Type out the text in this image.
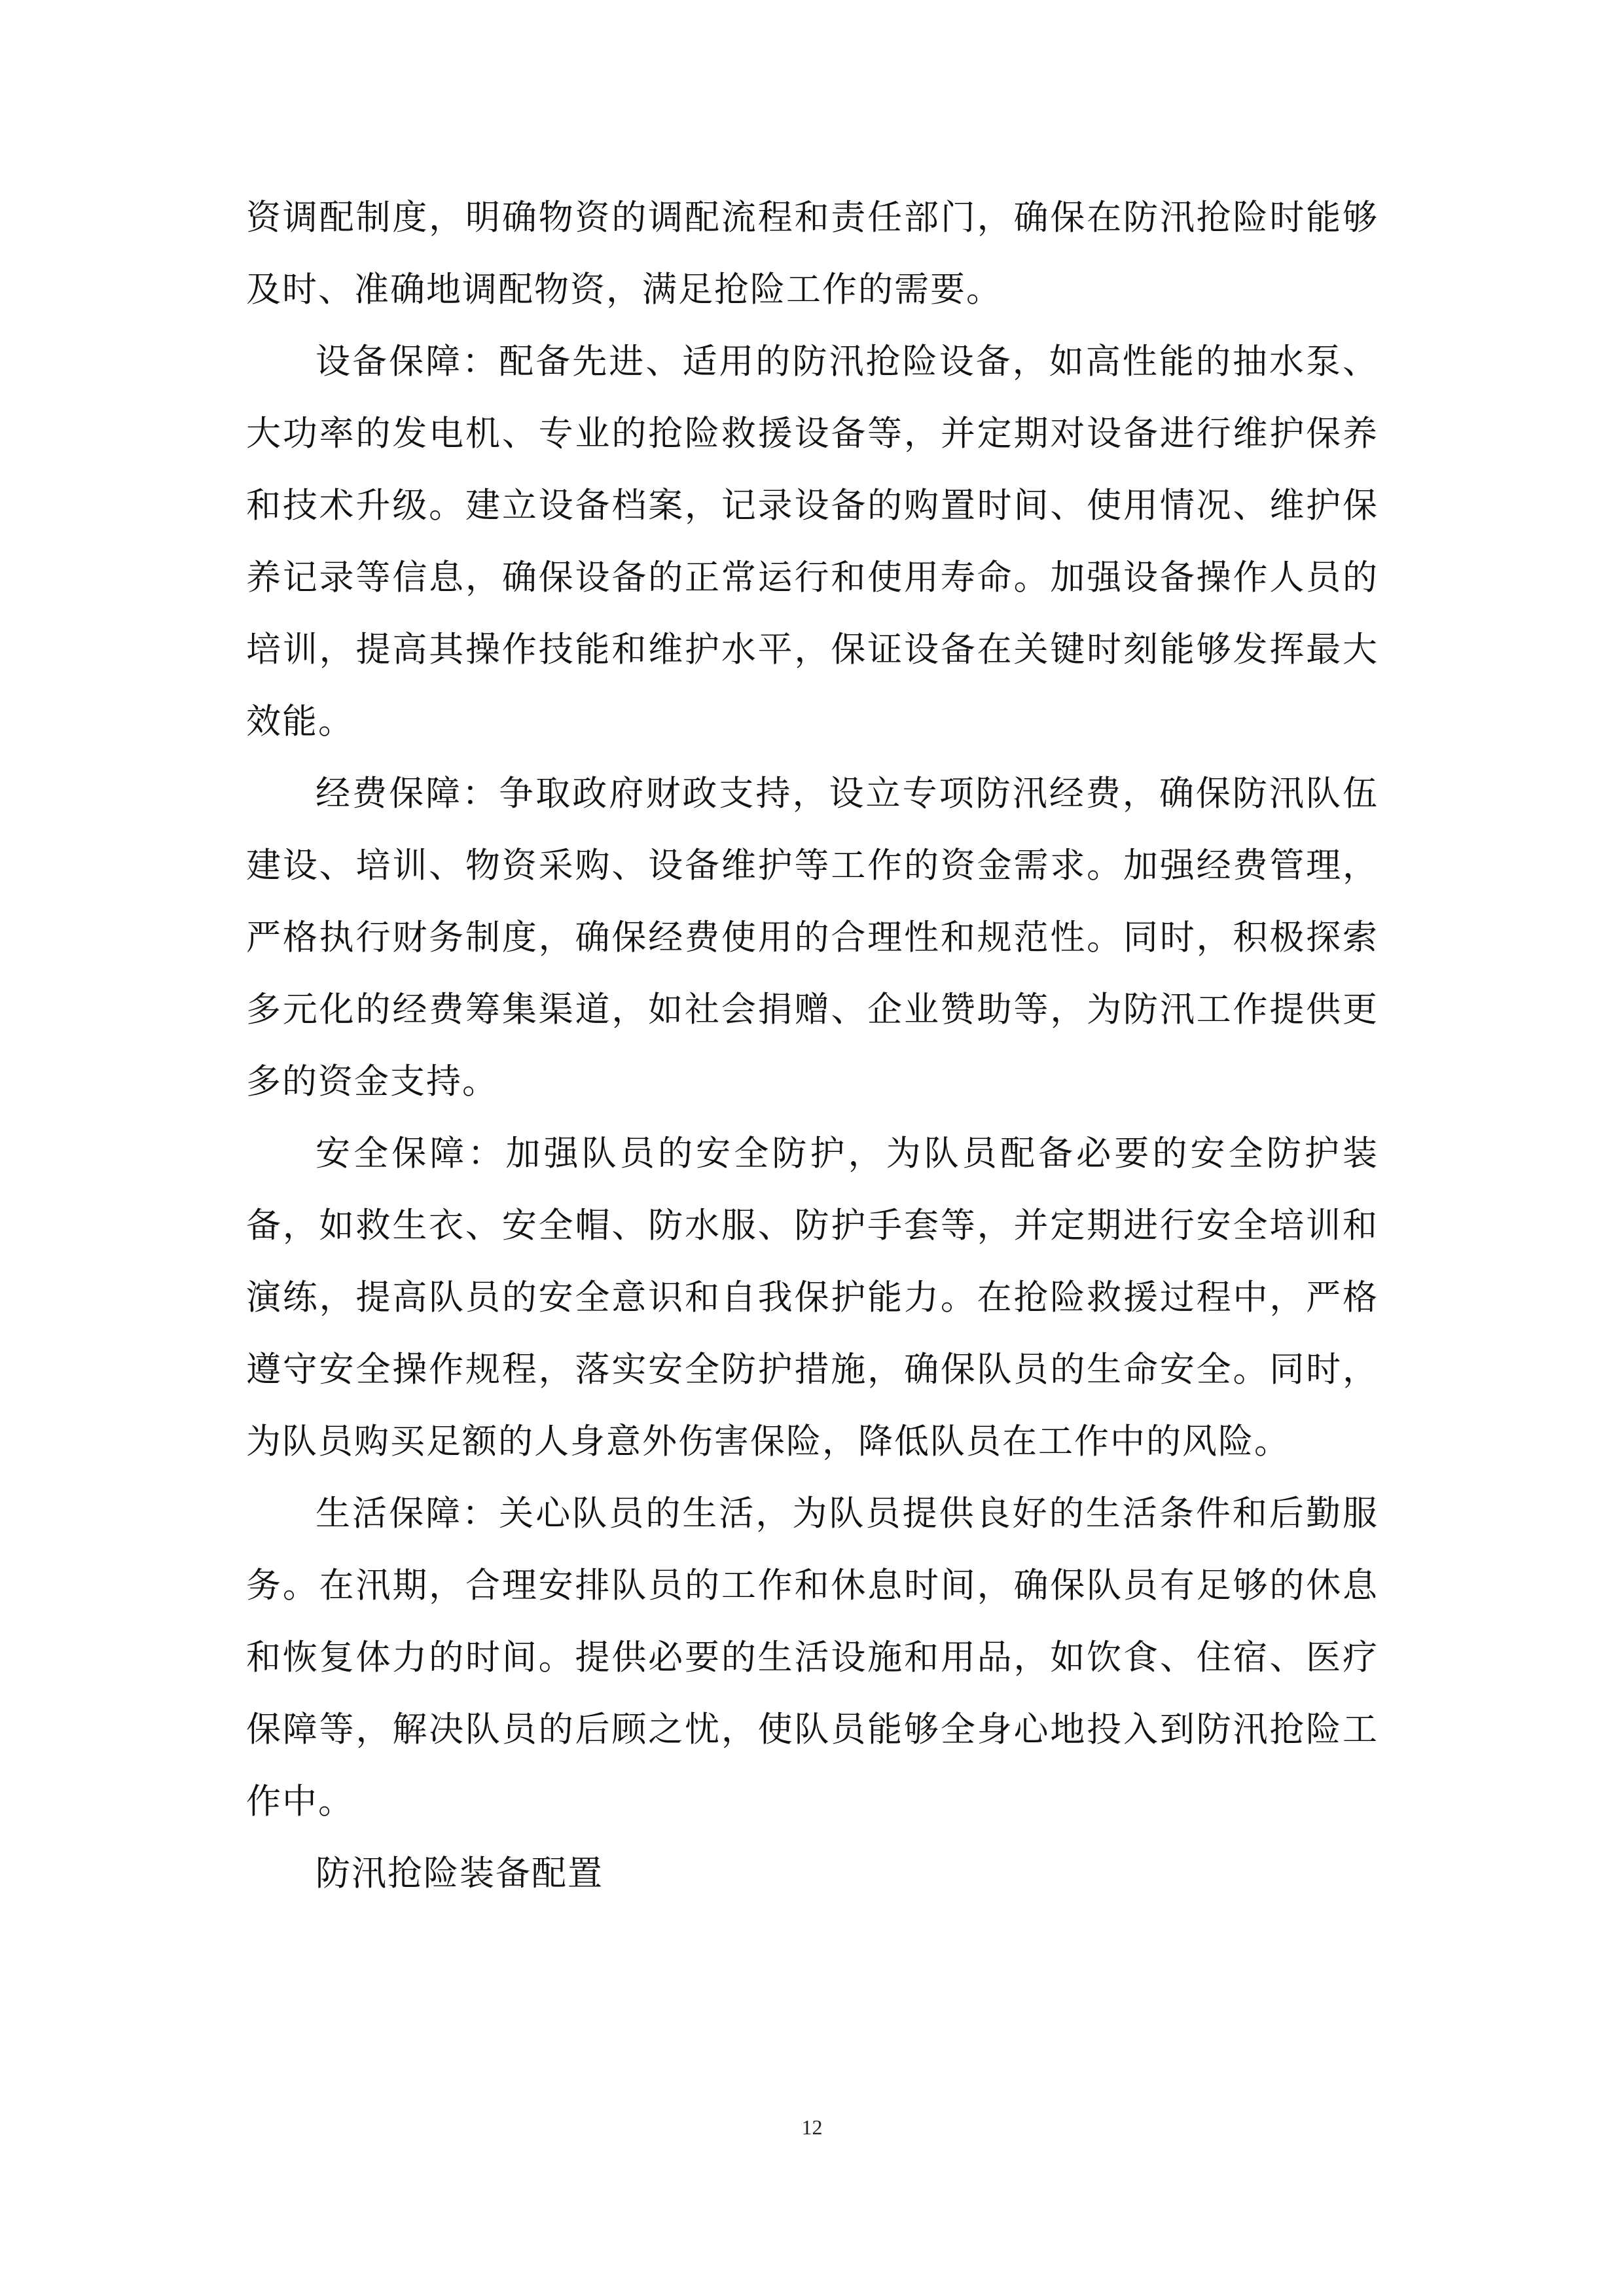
资调配制度，明确物资的调配流程和责任部门，确保在防汛抢险时能够及时、准确地调配物资，满足抢险工作的需要。

设备保障：配备先进、适用的防汛抢险设备，如高性能的抽水泵、大功率的发电机、专业的抢险救援设备等，并定期对设备进行维护保养和技术升级。建立设备档案，记录设备的购置时间、使用情况、维护保养记录等信息，确保设备的正常运行和使用寿命。加强设备操作人员的培训，提高其操作技能和维护水平，保证设备在关键时刻能够发挥最大效能。

经费保障：争取政府财政支持，设立专项防汛经费，确保防汛队伍建设、培训、物资采购、设备维护等工作的资金需求。加强经费管理，严格执行财务制度，确保经费使用的合理性和规范性。同时，积极探索多元化的经费筹集渠道，如社会捐赠、企业赞助等，为防汛工作提供更多的资金支持。

安全保障：加强队员的安全防护，为队员配备必要的安全防护装备，如救生衣、安全帽、防水服、防护手套等，并定期进行安全培训和演练，提高队员的安全意识和自我保护能力。在抢险救援过程中，严格遵守安全操作规程，落实安全防护措施，确保队员的生命安全。同时，为队员购买足额的人身意外伤害保险，降低队员在工作中的风险。

生活保障：关心队员的生活，为队员提供良好的生活条件和后勤服务。在汛期，合理安排队员的工作和休息时间，确保队员有足够的休息和恢复体力的时间。提供必要的生活设施和用品，如饮食、住宿、医疗保障等，解决队员的后顾之忧，使队员能够全身心地投入到防汛抢险工作中。

防汛抢险装备配置

12
